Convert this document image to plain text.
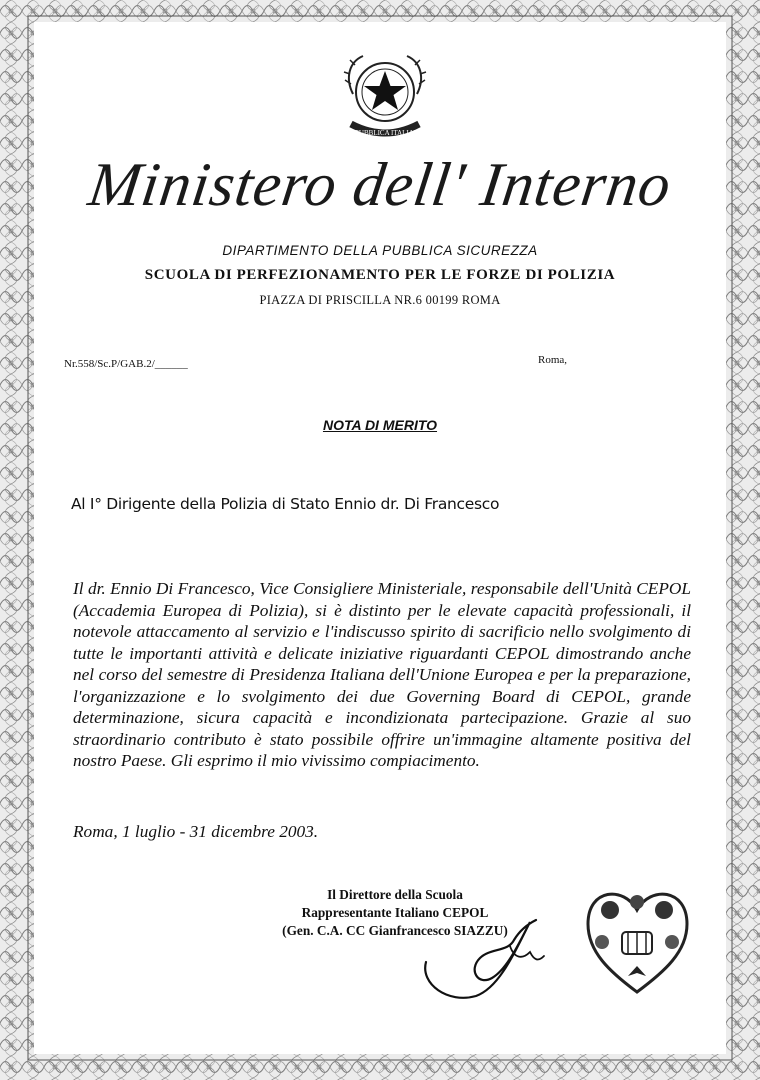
REPUBBLICA ITALIANA
Ministero dell' Interno
DIPARTIMENTO DELLA PUBBLICA SICUREZZA
SCUOLA DI PERFEZIONAMENTO PER LE FORZE DI POLIZIA
PIAZZA DI PRISCILLA NR.6 00199 ROMA
Nr.558/Sc.P/GAB.2/______	Roma,
NOTA DI MERITO
Al I° Dirigente della Polizia di Stato Ennio dr. Di Francesco

Il dr. Ennio Di Francesco, Vice Consigliere Ministeriale, responsabile dell'Unità CEPOL (Accademia Europea di Polizia), si è distinto per le elevate capacità professionali, il notevole attaccamento al servizio e l'indiscusso spirito di sacrificio nello svolgimento di tutte le importanti attività e delicate iniziative riguardanti CEPOL dimostrando anche nel corso del semestre di Presidenza Italiana dell'Unione Europea e per la preparazione, l'organizzazione e lo svolgimento dei due Governing Board di CEPOL, grande determinazione, sicura capacità e incondizionata partecipazione. Grazie al suo straordinario contributo è stato possibile offrire un'immagine altamente positiva del nostro Paese. Gli esprimo il mio vivissimo compiacimento.

Roma, 1 luglio - 31 dicembre 2003.
Il Direttore della Scuola
Rappresentante Italiano CEPOL
(Gen. C.A. CC Gianfrancesco SIAZZU)
